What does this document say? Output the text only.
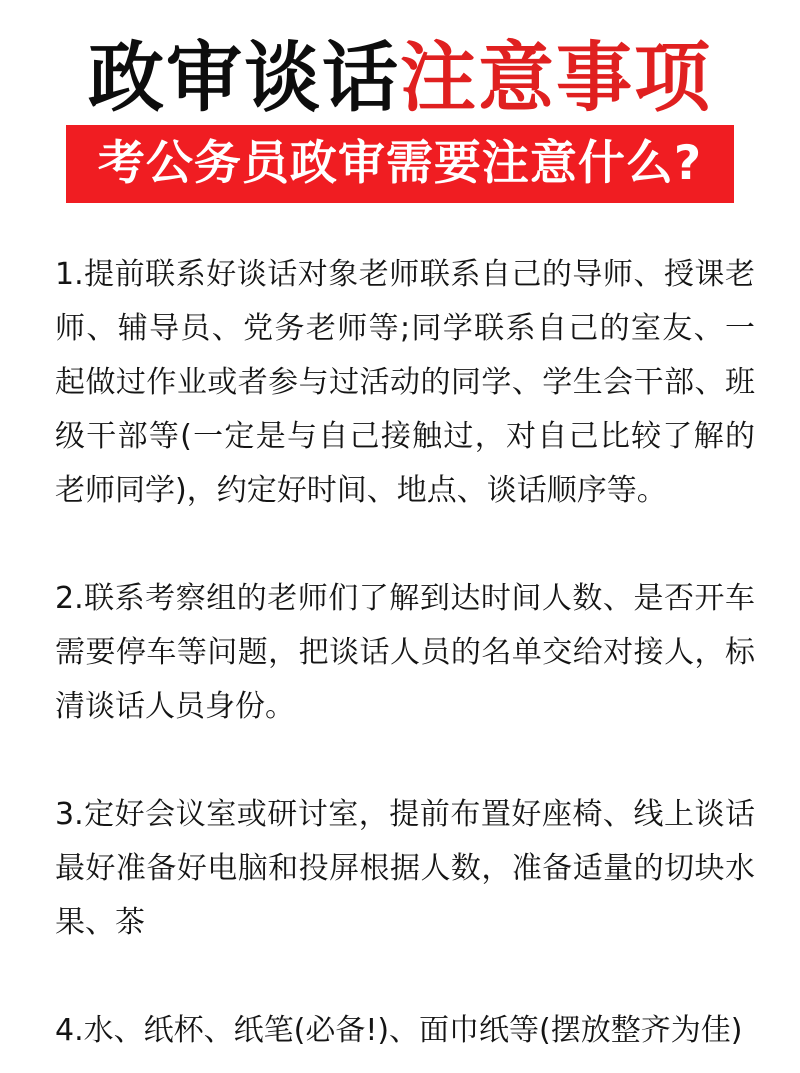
政审谈话注意事项
考公务员政审需要注意什么?

1.提前联系好谈话对象老师联系自己的导师、授课老师、辅导员、党务老师等;同学联系自己的室友、一起做过作业或者参与过活动的同学、学生会干部、班级干部等(一定是与自己接触过，对自己比较了解的老师同学)，约定好时间、地点、谈话顺序等。

2.联系考察组的老师们了解到达时间人数、是否开车需要停车等问题，把谈话人员的名单交给对接人，标清谈话人员身份。

3.定好会议室或研讨室，提前布置好座椅、线上谈话最好准备好电脑和投屏根据人数，准备适量的切块水果、茶

4.水、纸杯、纸笔(必备!)、面巾纸等(摆放整齐为佳)
